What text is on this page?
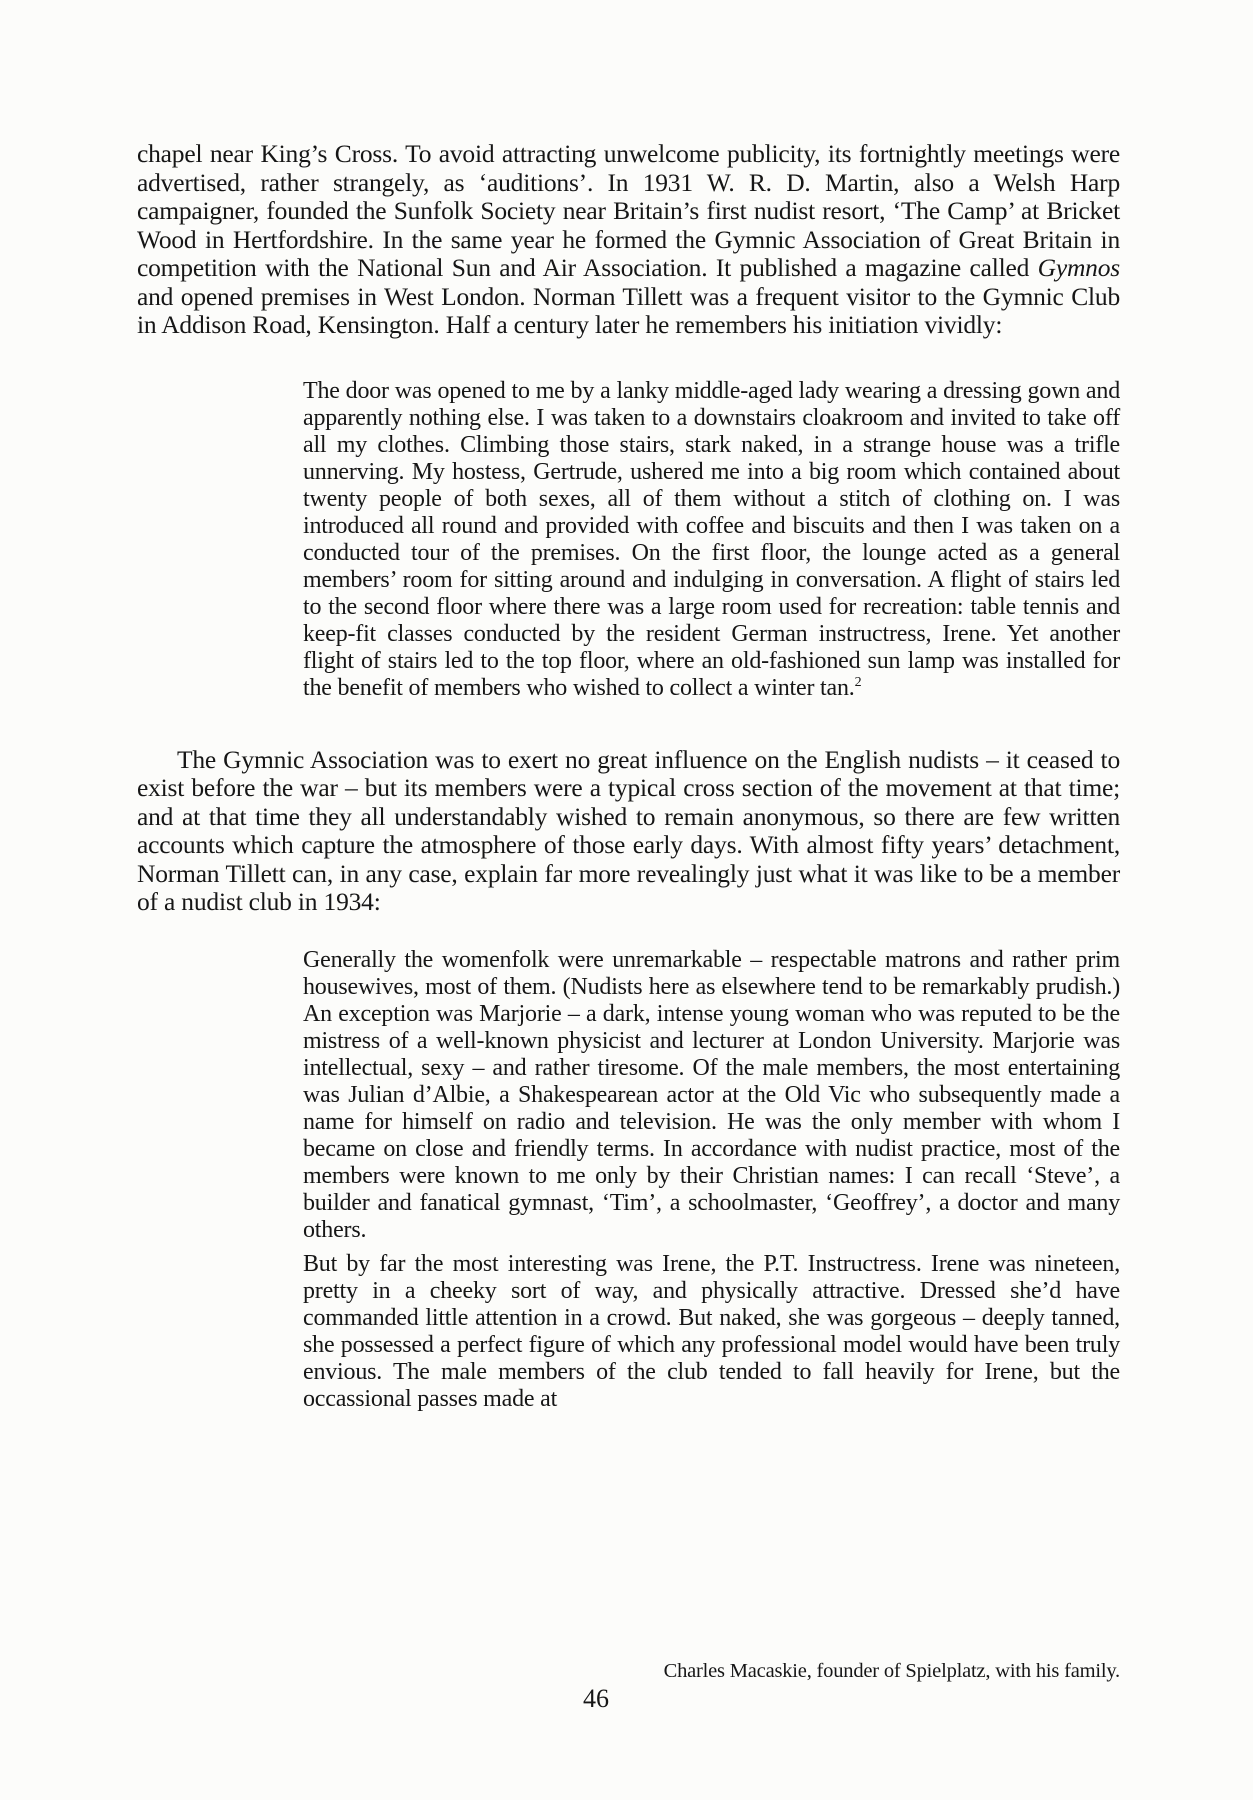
chapel near King’s Cross. To avoid attracting unwelcome publicity, its fortnightly meetings were advertised, rather strangely, as ‘auditions’. In 1931 W. R. D. Martin, also a Welsh Harp campaigner, founded the Sunfolk Society near Britain’s first nudist resort, ‘The Camp’ at Bricket Wood in Hertfordshire. In the same year he formed the Gymnic Association of Great Britain in competition with the National Sun and Air Association. It published a magazine called Gymnos and opened premises in West London. Norman Tillett was a frequent visitor to the Gymnic Club in Addison Road, Kensington. Half a century later he remembers his initiation vividly:

The door was opened to me by a lanky middle-aged lady wearing a dressing gown and apparently nothing else. I was taken to a downstairs cloakroom and invited to take off all my clothes. Climbing those stairs, stark naked, in a strange house was a trifle unnerving. My hostess, Gertrude, ushered me into a big room which contained about twenty people of both sexes, all of them without a stitch of clothing on. I was introduced all round and provided with coffee and biscuits and then I was taken on a conducted tour of the premises. On the first floor, the lounge acted as a general members’ room for sitting around and indulging in conversation. A flight of stairs led to the second floor where there was a large room used for recreation: table tennis and keep-fit classes conducted by the resident German instructress, Irene. Yet another flight of stairs led to the top floor, where an old-fashioned sun lamp was installed for the benefit of members who wished to collect a winter tan.$^2$

The Gymnic Association was to exert no great influence on the English nudists – it ceased to exist before the war – but its members were a typical cross section of the movement at that time; and at that time they all understandably wished to remain anonymous, so there are few written accounts which capture the atmosphere of those early days. With almost fifty years’ detachment, Norman Tillett can, in any case, explain far more revealingly just what it was like to be a member of a nudist club in 1934:

Generally the womenfolk were unremarkable – respectable matrons and rather prim housewives, most of them. (Nudists here as elsewhere tend to be remarkably prudish.) An exception was Marjorie – a dark, intense young woman who was reputed to be the mistress of a well-known physicist and lecturer at London University. Marjorie was intellectual, sexy – and rather tiresome. Of the male members, the most entertaining was Julian d’Albie, a Shakespearean actor at the Old Vic who subsequently made a name for himself on radio and television. He was the only member with whom I became on close and friendly terms. In accordance with nudist practice, most of the members were known to me only by their Christian names: I can recall ‘Steve’, a builder and fanatical gymnast, ‘Tim’, a schoolmaster, ‘Geoffrey’, a doctor and many others.

But by far the most interesting was Irene, the P.T. Instructress. Irene was nineteen, pretty in a cheeky sort of way, and physically attractive. Dressed she’d have commanded little attention in a crowd. But naked, she was gorgeous – deeply tanned, she possessed a perfect figure of which any professional model would have been truly envious. The male members of the club tended to fall heavily for Irene, but the occassional passes made at

Charles Macaskie, founder of Spielplatz, with his family.
46
